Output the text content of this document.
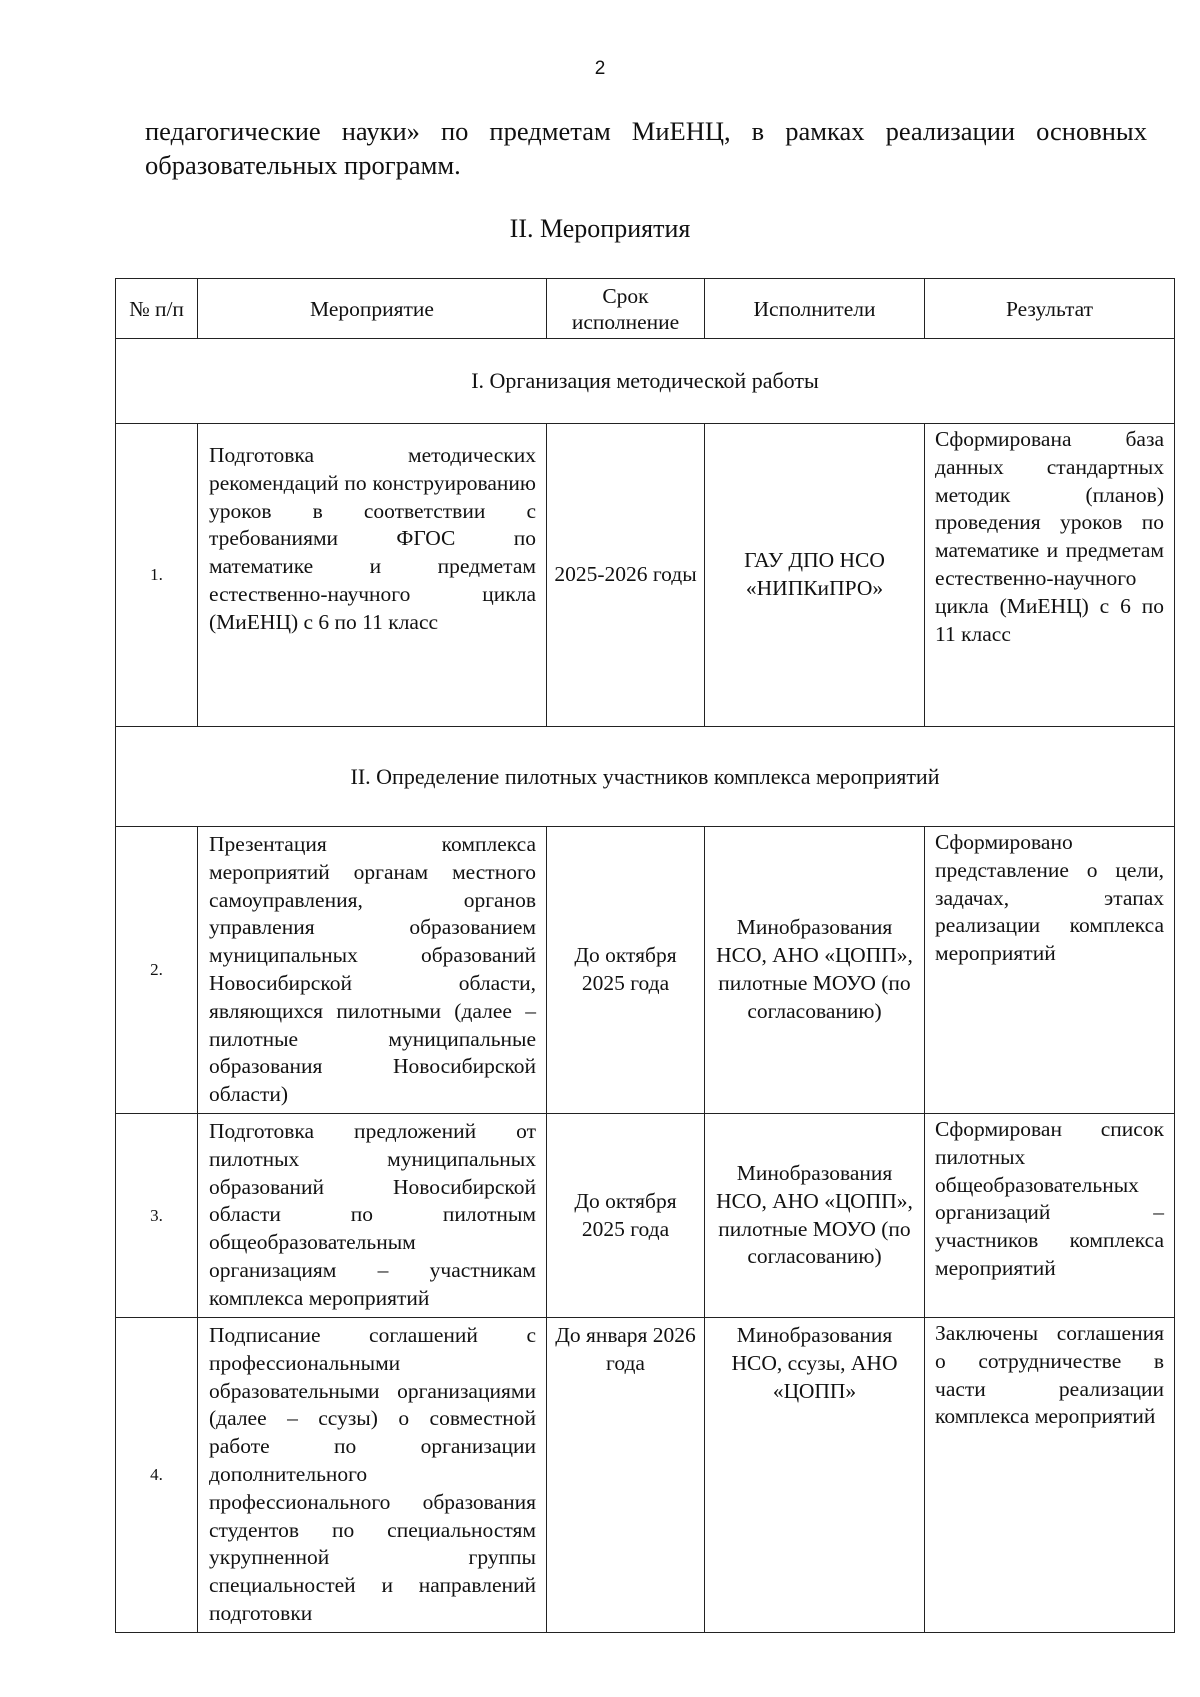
2

педагогические науки» по предметам МиЕНЦ, в рамках реализации основных образовательных программ.

II. Мероприятия
№ п/п	Мероприятие	Срок исполнение	Исполнители	Результат
I. Организация методической работы				
1.	Подготовка методических рекомендаций по конструированию уроков в соответствии с требованиями ФГОС по математике и предметам естественно-научного цикла (МиЕНЦ) с 6 по 11 класс	2025-2026 годы	ГАУ ДПО НСО «НИПКиПРО»	Сформирована база данных стандартных методик (планов) проведения уроков по математике и предметам естественно-научного цикла (МиЕНЦ) с 6 по 11 класс
II. Определение пилотных участников комплекса мероприятий				
2.	Презентация комплекса мероприятий органам местного самоуправления, органов управления образованием муниципальных образований Новосибирской области, являющихся пилотными (далее – пилотные муниципальные образования Новосибирской области)	До октября 2025 года	Минобразования НСО, АНО «ЦОПП», пилотные МОУО (по согласованию)	Сформировано представление о цели, задачах, этапах реализации комплекса мероприятий
3.	Подготовка предложений от пилотных муниципальных образований Новосибирской области по пилотным общеобразовательным организациям – участникам комплекса мероприятий	До октября 2025 года	Минобразования НСО, АНО «ЦОПП», пилотные МОУО (по согласованию)	Сформирован список пилотных общеобразовательных организаций – участников комплекса мероприятий
4.	Подписание соглашений с профессиональными образовательными организациями (далее – ссузы) о совместной работе по организации дополнительного профессионального образования студентов по специальностям укрупненной группы специальностей и направлений подготовки	До января 2026 года	Минобразования НСО, ссузы, АНО «ЦОПП»	Заключены соглашения о сотрудничестве в части реализации комплекса мероприятий
